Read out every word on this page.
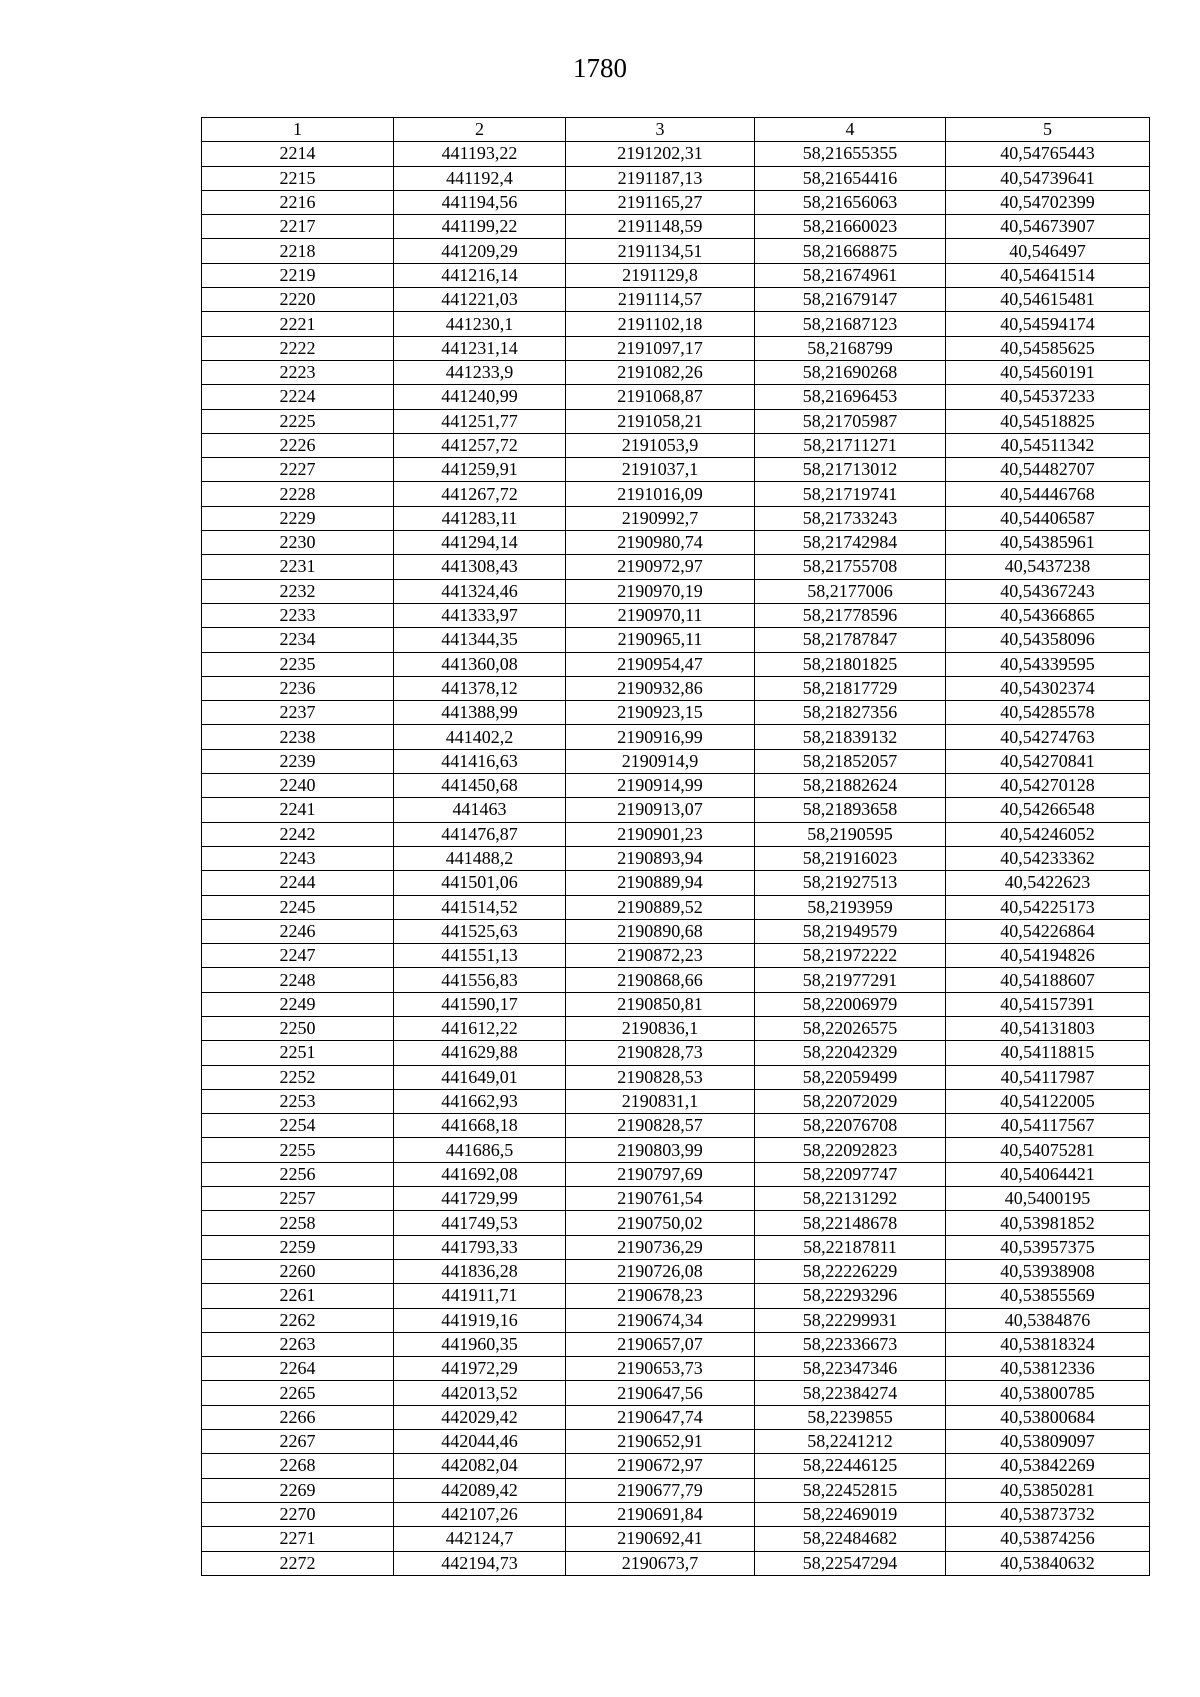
1780
1	2	3	4	5
2214	441193,22	2191202,31	58,21655355	40,54765443
2215	441192,4	2191187,13	58,21654416	40,54739641
2216	441194,56	2191165,27	58,21656063	40,54702399
2217	441199,22	2191148,59	58,21660023	40,54673907
2218	441209,29	2191134,51	58,21668875	40,546497
2219	441216,14	2191129,8	58,21674961	40,54641514
2220	441221,03	2191114,57	58,21679147	40,54615481
2221	441230,1	2191102,18	58,21687123	40,54594174
2222	441231,14	2191097,17	58,2168799	40,54585625
2223	441233,9	2191082,26	58,21690268	40,54560191
2224	441240,99	2191068,87	58,21696453	40,54537233
2225	441251,77	2191058,21	58,21705987	40,54518825
2226	441257,72	2191053,9	58,21711271	40,54511342
2227	441259,91	2191037,1	58,21713012	40,54482707
2228	441267,72	2191016,09	58,21719741	40,54446768
2229	441283,11	2190992,7	58,21733243	40,54406587
2230	441294,14	2190980,74	58,21742984	40,54385961
2231	441308,43	2190972,97	58,21755708	40,5437238
2232	441324,46	2190970,19	58,2177006	40,54367243
2233	441333,97	2190970,11	58,21778596	40,54366865
2234	441344,35	2190965,11	58,21787847	40,54358096
2235	441360,08	2190954,47	58,21801825	40,54339595
2236	441378,12	2190932,86	58,21817729	40,54302374
2237	441388,99	2190923,15	58,21827356	40,54285578
2238	441402,2	2190916,99	58,21839132	40,54274763
2239	441416,63	2190914,9	58,21852057	40,54270841
2240	441450,68	2190914,99	58,21882624	40,54270128
2241	441463	2190913,07	58,21893658	40,54266548
2242	441476,87	2190901,23	58,2190595	40,54246052
2243	441488,2	2190893,94	58,21916023	40,54233362
2244	441501,06	2190889,94	58,21927513	40,5422623
2245	441514,52	2190889,52	58,2193959	40,54225173
2246	441525,63	2190890,68	58,21949579	40,54226864
2247	441551,13	2190872,23	58,21972222	40,54194826
2248	441556,83	2190868,66	58,21977291	40,54188607
2249	441590,17	2190850,81	58,22006979	40,54157391
2250	441612,22	2190836,1	58,22026575	40,54131803
2251	441629,88	2190828,73	58,22042329	40,54118815
2252	441649,01	2190828,53	58,22059499	40,54117987
2253	441662,93	2190831,1	58,22072029	40,54122005
2254	441668,18	2190828,57	58,22076708	40,54117567
2255	441686,5	2190803,99	58,22092823	40,54075281
2256	441692,08	2190797,69	58,22097747	40,54064421
2257	441729,99	2190761,54	58,22131292	40,5400195
2258	441749,53	2190750,02	58,22148678	40,53981852
2259	441793,33	2190736,29	58,22187811	40,53957375
2260	441836,28	2190726,08	58,22226229	40,53938908
2261	441911,71	2190678,23	58,22293296	40,53855569
2262	441919,16	2190674,34	58,22299931	40,5384876
2263	441960,35	2190657,07	58,22336673	40,53818324
2264	441972,29	2190653,73	58,22347346	40,53812336
2265	442013,52	2190647,56	58,22384274	40,53800785
2266	442029,42	2190647,74	58,2239855	40,53800684
2267	442044,46	2190652,91	58,2241212	40,53809097
2268	442082,04	2190672,97	58,22446125	40,53842269
2269	442089,42	2190677,79	58,22452815	40,53850281
2270	442107,26	2190691,84	58,22469019	40,53873732
2271	442124,7	2190692,41	58,22484682	40,53874256
2272	442194,73	2190673,7	58,22547294	40,53840632
